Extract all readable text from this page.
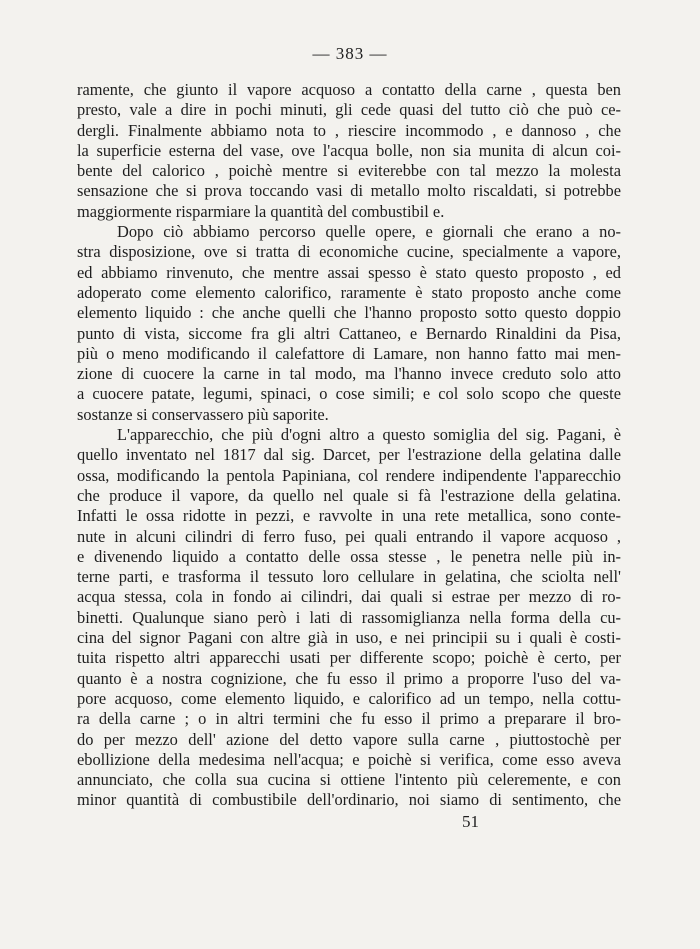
— 383 —
ramente, che giunto il vapore acquoso a contatto della carne , questa ben
presto, vale a dire in pochi minuti, gli cede quasi del tutto ciò che può ce-
dergli. Finalmente abbiamo nota to , riescire incommodo , e dannoso , che
la superficie esterna del vase, ove l'acqua bolle, non sia munita di alcun coi-
bente del calorico , poichè mentre si eviterebbe con tal mezzo la molesta
sensazione che si prova toccando vasi di metallo molto riscaldati, si potrebbe
maggiormente risparmiare la quantità del combustibil e.
Dopo ciò abbiamo percorso quelle opere, e giornali che erano a no-
stra disposizione, ove si tratta di economiche cucine, specialmente a vapore,
ed abbiamo rinvenuto, che mentre assai spesso è stato questo proposto , ed
adoperato come elemento calorifico, raramente è stato proposto anche come
elemento liquido : che anche quelli che l'hanno proposto sotto questo doppio
punto di vista, siccome fra gli altri Cattaneo, e Bernardo Rinaldini da Pisa,
più o meno modificando il calefattore di Lamare, non hanno fatto mai men-
zione di cuocere la carne in tal modo, ma l'hanno invece creduto solo atto
a cuocere patate, legumi, spinaci, o cose simili; e col solo scopo che queste
sostanze si conservassero più saporite.
L'apparecchio, che più d'ogni altro a questo somiglia del sig. Pagani, è
quello inventato nel 1817 dal sig. Darcet, per l'estrazione della gelatina dalle
ossa, modificando la pentola Papiniana, col rendere indipendente l'apparecchio
che produce il vapore, da quello nel quale si fà l'estrazione della gelatina.
Infatti le ossa ridotte in pezzi, e ravvolte in una rete metallica, sono conte-
nute in alcuni cilindri di ferro fuso, pei quali entrando il vapore acquoso ,
e divenendo liquido a contatto delle ossa stesse , le penetra nelle più in-
terne parti, e trasforma il tessuto loro cellulare in gelatina, che sciolta nell'
acqua stessa, cola in fondo ai cilindri, dai quali si estrae per mezzo di ro-
binetti. Qualunque siano però i lati di rassomiglianza nella forma della cu-
cina del signor Pagani con altre già in uso, e nei principii su i quali è costi-
tuita rispetto altri apparecchi usati per differente scopo; poichè è certo, per
quanto è a nostra cognizione, che fu esso il primo a proporre l'uso del va-
pore acquoso, come elemento liquido, e calorifico ad un tempo, nella cottu-
ra della carne ; o in altri termini che fu esso il primo a preparare il bro-
do per mezzo dell' azione del detto vapore sulla carne , piuttostochè per
ebollizione della medesima nell'acqua; e poichè si verifica, come esso aveva
annunciato, che colla sua cucina si ottiene l'intento più celeremente, e con
minor quantità di combustibile dell'ordinario, noi siamo di sentimento, che
51
